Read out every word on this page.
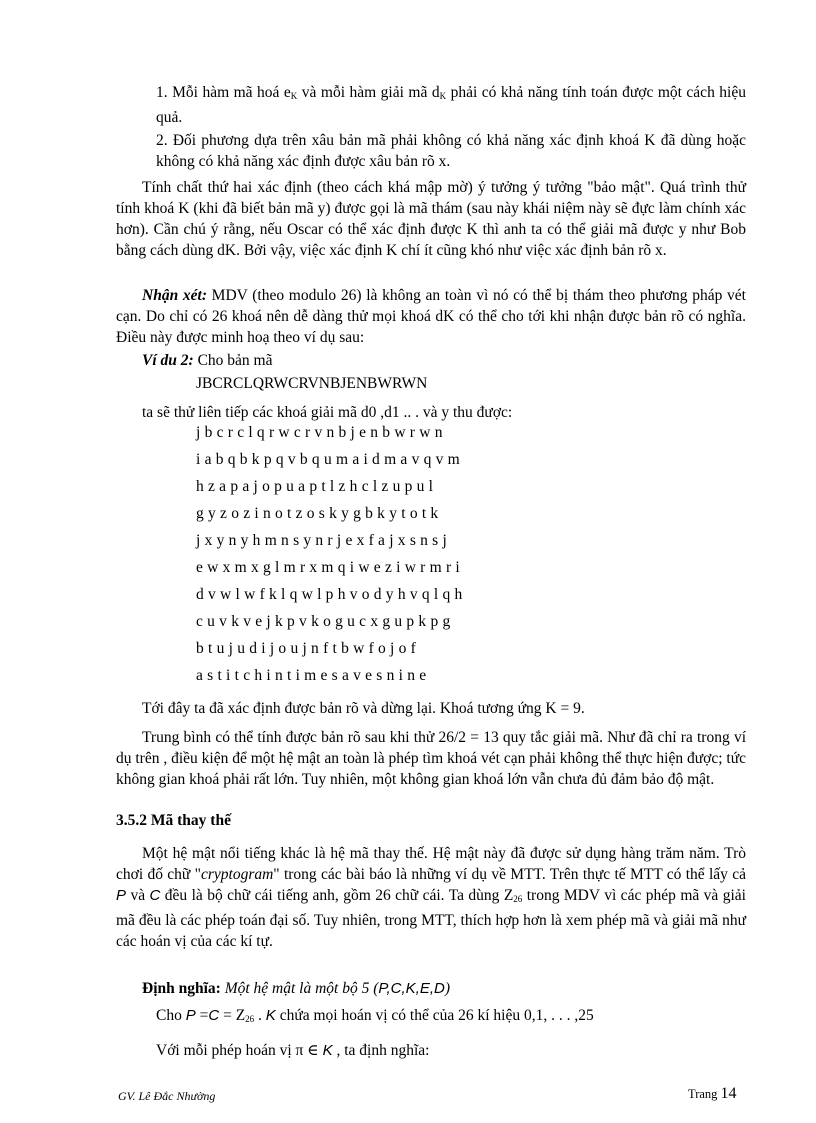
1. Mỗi hàm mã hoá $e_K$ và mỗi hàm giải mã $d_K$ phải có khả năng tính toán được một cách hiệu quả.

2. Đối phương dựa trên xâu bản mã phải không có khả năng xác định khoá K đã dùng hoặc không có khả năng xác định được xâu bản rõ x.

Tính chất thứ hai xác định (theo cách khá mập mờ) ý tưởng ý tưởng "bảo mật". Quá trình thử tính khoá K (khi đã biết bản mã y) được gọi là mã thám (sau này khái niệm này sẽ đực làm chính xác hơn). Cần chú ý rằng, nếu Oscar có thể xác định được K thì anh ta có thể giải mã được y như Bob bằng cách dùng dK. Bởi vậy, việc xác định K chí ít cũng khó như việc xác định bản rõ x.

Nhận xét: MDV (theo modulo 26) là không an toàn vì nó có thể bị thám theo phương pháp vét cạn. Do chỉ có 26 khoá nên dễ dàng thử mọi khoá dK có thể cho tới khi nhận được bản rõ có nghĩa. Điều này được minh hoạ theo ví dụ sau:

Ví du 2: Cho bản mã

JBCRCLQRWCRVNBJENBWRWN

ta sẽ thử liên tiếp các khoá giải mã d0 ,d1 .. . và y thu được:

j b c r c l q r w c r v n b j e n b w r w n
i a b q b k p q v b q u m a i d m a v q v m
h z a p a j o p u a p t l z h c l z u p u l
g y z o z i n o t z o s k y g b k y t o t k
j x y n y h m n s y n r j e x f a j x s n s j
e w x m x g l m r x m q i w e z i w r m r i
d v w l w f k l q w l p h v o d y h v q l q h
c u v k v e j k p v k o g u c x g u p k p g
b t u j u d i j o u j n f t b w f o j o f
a s t i t c h i n t i m e s a v e s n i n e

Tới đây ta đã xác định được bản rõ và dừng lại. Khoá tương ứng K = 9.

Trung bình có thể tính được bản rõ sau khi thử 26/2 = 13 quy tắc giải mã. Như đã chỉ ra trong ví dụ trên , điều kiện để một hệ mật an toàn là phép tìm khoá vét cạn phải không thể thực hiện được; tức không gian khoá phải rất lớn. Tuy nhiên, một không gian khoá lớn vẫn chưa đủ đảm bảo độ mật.

3.5.2 Mã thay thế

Một hệ mật nổi tiếng khác là hệ mã thay thế. Hệ mật này đã được sử dụng hàng trăm năm. Trò chơi đố chữ "cryptogram" trong các bài báo là những ví dụ về MTT. Trên thực tế MTT có thể lấy cả P và C đều là bộ chữ cái tiếng anh, gồm 26 chữ cái. Ta dùng $Z_{26}$ trong MDV vì các phép mã và giải mã đều là các phép toán đại số. Tuy nhiên, trong MTT, thích hợp hơn là xem phép mã và giải mã như các hoán vị của các kí tự.

Định nghĩa: Một hệ mật là một bộ 5 (P,C,K,E,D)

Cho $P =C = Z_{26}$ . K chứa mọi hoán vị có thể của 26 kí hiệu 0,1, . . . ,25

Với mỗi phép hoán vị π ∈ K , ta định nghĩa:

GV. Lê Đắc Nhường	Trang 14
